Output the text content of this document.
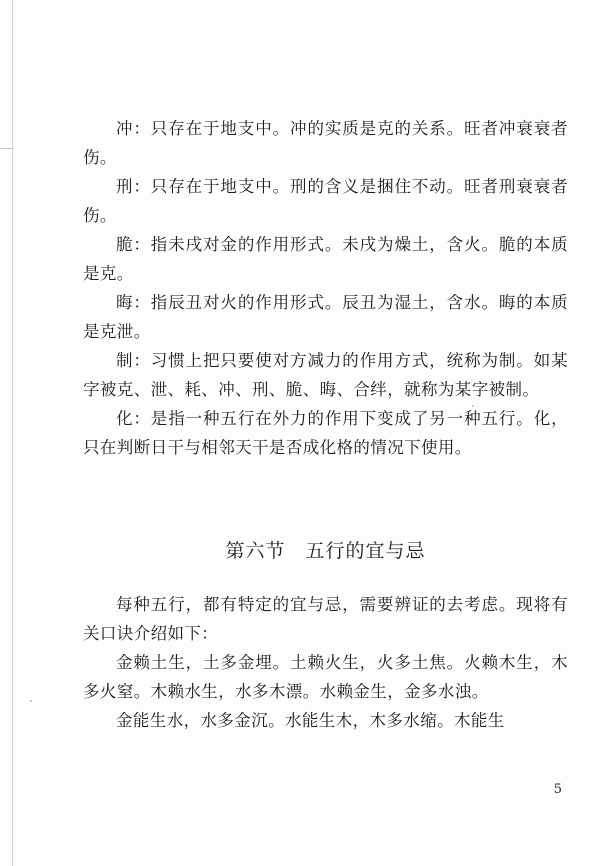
冲：只存在于地支中。冲的实质是克的关系。旺者冲衰衰者伤。

刑：只存在于地支中。刑的含义是捆住不动。旺者刑衰衰者伤。

脆：指未戌对金的作用形式。未戌为燥土，含火。脆的本质是克。

晦：指辰丑对火的作用形式。辰丑为湿土，含水。晦的本质是克泄。

制：习惯上把只要使对方减力的作用方式，统称为制。如某字被克、泄、耗、冲、刑、脆、晦、合绊，就称为某字被制。

化：是指一种五行在外力的作用下变成了另一种五行。化，只在判断日干与相邻天干是否成化格的情况下使用。

第六节　五行的宜与忌

每种五行，都有特定的宜与忌，需要辨证的去考虑。现将有关口诀介绍如下：

金赖土生，土多金埋。土赖火生，火多土焦。火赖木生，木多火窒。木赖水生，水多木漂。水赖金生，金多水浊。

金能生水，水多金沉。水能生木，木多水缩。木能生

5
